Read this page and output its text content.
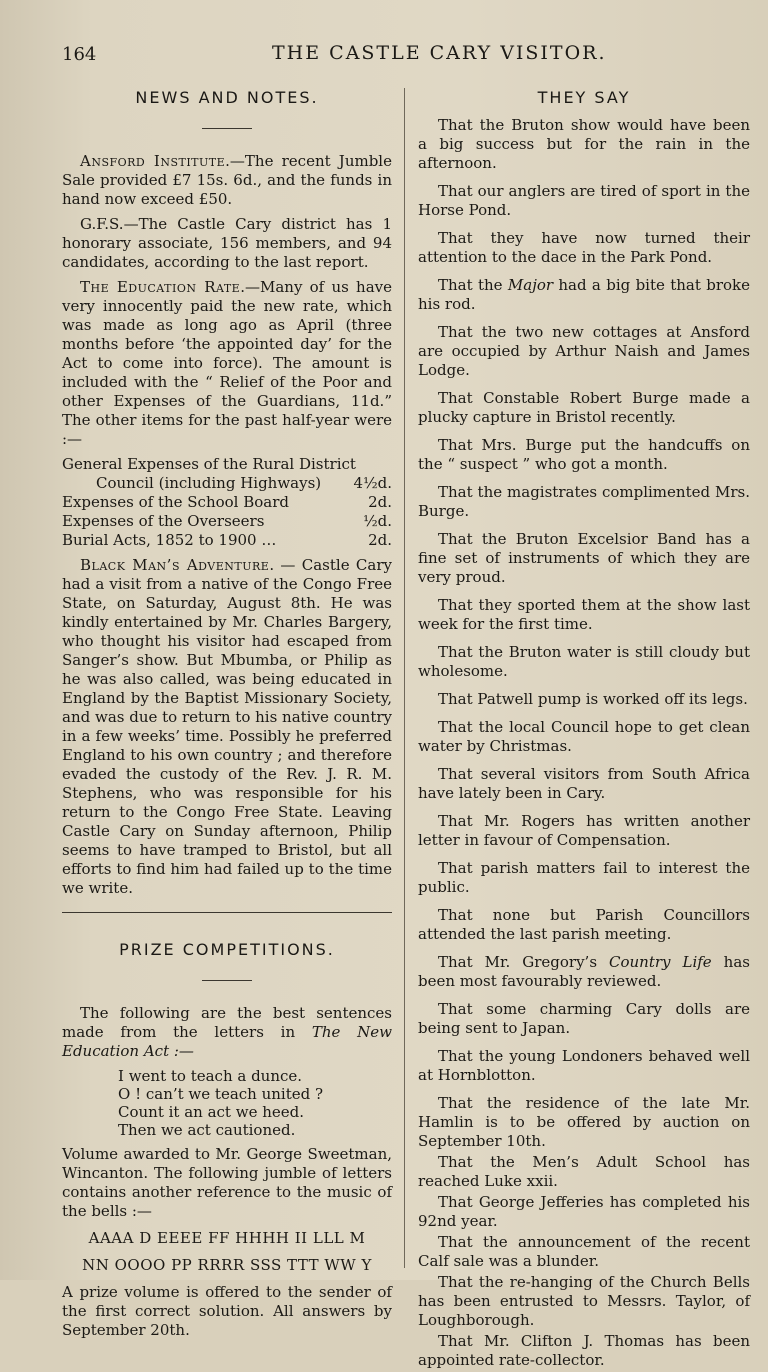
164	THE CASTLE CARY VISITOR.
NEWS AND NOTES.

Ansford Institute.—The recent Jumble Sale provided £7 15s. 6d., and the funds in hand now exceed £50.

G.F.S.—The Castle Cary district has 1 honorary associate, 156 members, and 94 candidates, according to the last report.

The Education Rate.—Many of us have very innocently paid the new rate, which was made as long ago as April (three months before ‘the appointed day’ for the Act to come into force). The amount is included with the “ Relief of the Poor and other Expenses of the Guardians, 11d.” The other items for the past half-year were :—

General Expenses of the Rural District
Council (including Highways) 4½d.
Expenses of the School Board	2d.
Expenses of the Overseers	½d.
Burial Acts, 1852 to 1900 …	2d.

Black Man’s Adventure. — Castle Cary had a visit from a native of the Congo Free State, on Saturday, August 8th. He was kindly entertained by Mr. Charles Bargery, who thought his visitor had escaped from Sanger’s show. But Mbumba, or Philip as he was also called, was being educated in England by the Baptist Missionary Society, and was due to return to his native country in a few weeks’ time. Possibly he preferred England to his own country ; and therefore evaded the custody of the Rev. J. R. M. Stephens, who was responsible for his return to the Congo Free State. Leaving Castle Cary on Sunday afternoon, Philip seems to have tramped to Bristol, but all efforts to find him had failed up to the time we write.

PRIZE COMPETITIONS.

The following are the best sentences made from the letters in The New Education Act :—

I went to teach a dunce.
O ! can’t we teach united ?
Count it an act we heed.
Then we act cautioned.

Volume awarded to Mr. George Sweetman, Wincanton. The following jumble of letters contains another reference to the music of the bells :—

AAAA D EEEE FF HHHH II LLL M
NN OOOO PP RRRR SSS TTT WW Y

A prize volume is offered to the sender of the first correct solution. All answers by September 20th.

THEY SAY

That the Bruton show would have been a big success but for the rain in the afternoon.

That our anglers are tired of sport in the Horse Pond.

That they have now turned their attention to the dace in the Park Pond.

That the Major had a big bite that broke his rod.

That the two new cottages at Ansford are occupied by Arthur Naish and James Lodge.

That Constable Robert Burge made a plucky capture in Bristol recently.

That Mrs. Burge put the handcuffs on the “ suspect ” who got a month.

That the magistrates complimented Mrs. Burge.

That the Bruton Excelsior Band has a fine set of instruments of which they are very proud.

That they sported them at the show last week for the first time.

That the Bruton water is still cloudy but wholesome.

That Patwell pump is worked off its legs.

That the local Council hope to get clean water by Christmas.

That several visitors from South Africa have lately been in Cary.

That Mr. Rogers has written another letter in favour of Compensation.

That parish matters fail to interest the public.

That none but Parish Councillors attended the last parish meeting.

That Mr. Gregory’s Country Life has been most favourably reviewed.

That some charming Cary dolls are being sent to Japan.

That the young Londoners behaved well at Hornblotton.

That the residence of the late Mr. Hamlin is to be offered by auction on September 10th.

That the Men’s Adult School has reached Luke xxii.

That George Jefferies has completed his 92nd year.

That the announcement of the recent Calf sale was a blunder.

That the re-hanging of the Church Bells has been entrusted to Messrs. Taylor, of Loughborough.

That Mr. Clifton J. Thomas has been appointed rate-collector.
